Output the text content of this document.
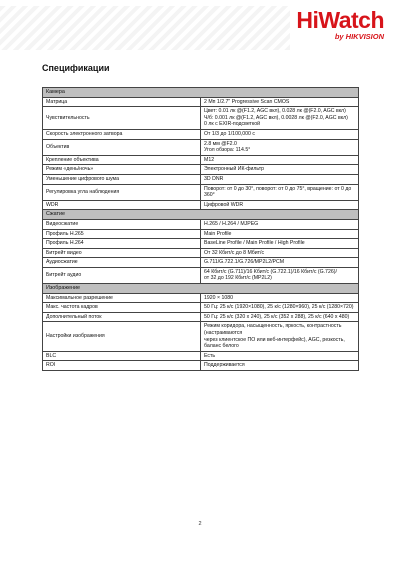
HiWatch
by HIKVISION
Спецификации
Камера	
Матрица	2 Мп 1/2.7" Progressive Scan CMOS

Чувствительность	Цвет: 0.01 лк @(F1.2, AGC вкл), 0.028 лк @(F2.0, AGC вкл)
Ч/б: 0.001 лк @(F1.2, AGC вкл), 0.0028 лк @(F2.0, AGC вкл)
0 лк с EXIR-подсветкой

Скорость электронного затвора	От 1/3 до 1/100,000 с

Объектив	2.8 мм @F2.0
Угол обзора: 114.5°

Крепление объектива	M12

Режим «день/ночь»	Электронный ИК-фильтр

Уменьшение цифрового шума	3D DNR

Регулировка угла наблюдения	Поворот: от 0 до 30°, поворот: от 0 до 75°, вращение: от 0 до 360°

WDR	Цифровой WDR

Сжатие	
Видеосжатие	H.265 / H.264 / MJPEG

Профиль H.265	Main Profile

Профиль H.264	BaseLine Profile / Main Profile / High Profile

Битрейт видео	От 32 Кбит/с до 8 Мбит/с

Аудиосжатие	G.711/G.722.1/G.726/MP2L2/PCM

Битрейт аудио	64 Кбит/с (G.711)/16 Кбит/с (G.722.1)/16 Кбит/с (G.726)/
от 32 до 192 Кбит/с (MP2L2)

Изображение	
Максимальное разрешение	1920 × 1080

Макс. частота кадров	50 Гц: 25 к/с (1920×1080), 25 к/с (1280×960), 25 к/с (1280×720)

Дополнительный поток	50 Гц: 25 к/с (320 x 240), 25 к/с (352 x 288), 25 к/с (640 x 480)

Настройки изображения	Режим коридора, насыщенность, яркость, контрастность (настраиваются
через клиентское ПО или веб-интерфейс), AGC, резкость, баланс белого

BLC	Есть

ROI	Поддерживается
2
